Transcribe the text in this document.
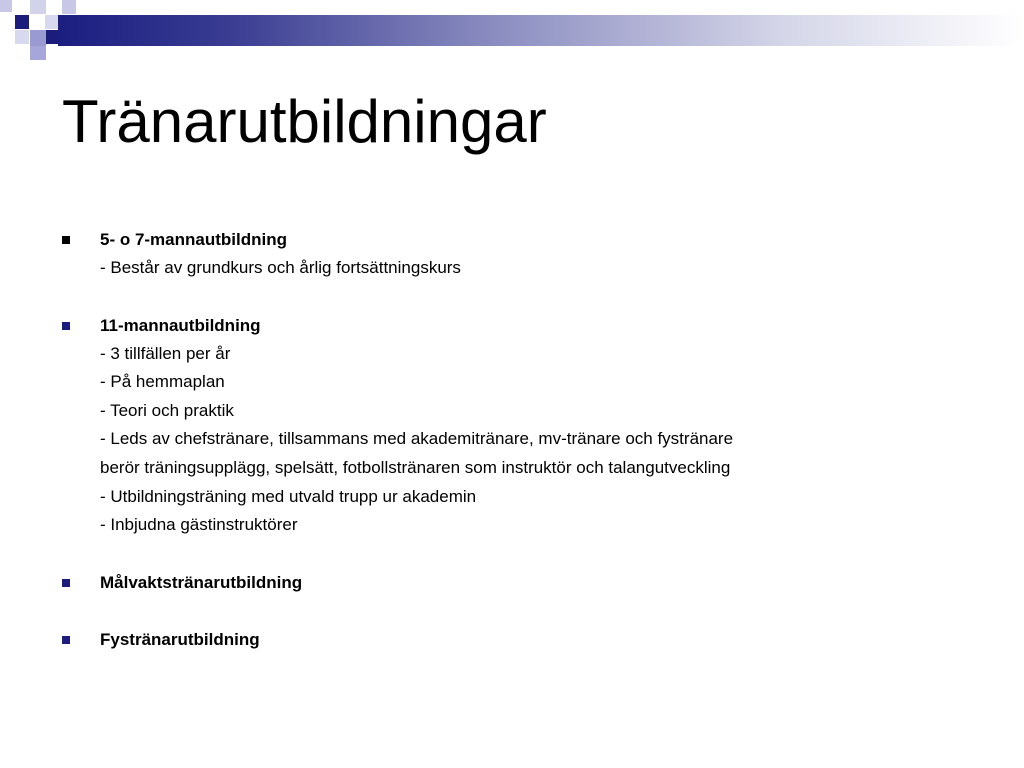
Tränarutbildningar
5- o 7-mannautbildning
- Består av grundkurs och årlig fortsättningskurs
11-mannautbildning
- 3 tillfällen per år
- På hemmaplan
- Teori och praktik
- Leds av chefstränare, tillsammans med akademitränare, mv-tränare och fystränare
berör träningsupplägg, spelsätt, fotbollstränaren som instruktör och talangutveckling
- Utbildningsträning med utvald trupp ur akademin
- Inbjudna gästinstruktörer
Målvaktstränarutbildning
Fystränarutbildning
